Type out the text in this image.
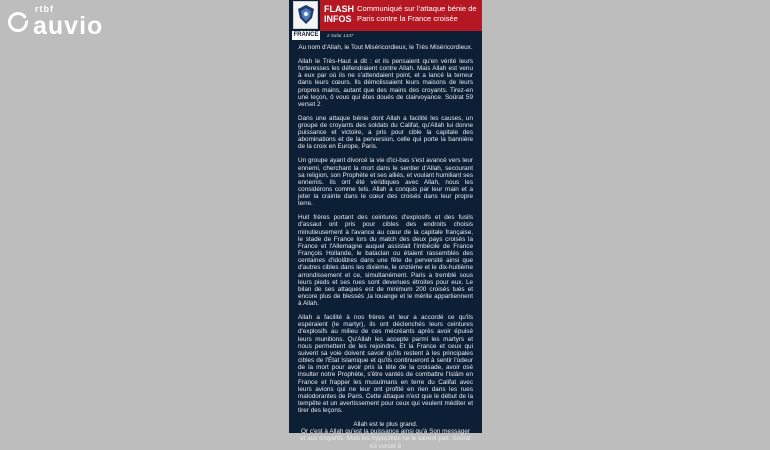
rtbf
auvio	FRANCE
FLASH
INFOS
Communiqué sur l'attaque bénie de Paris contre la France croisée
2 Safar 1437

Au nom d'Allah, le Tout Miséricordieux, le Très Miséricordieux.

Allah le Très-Haut a dit : et ils pensaient qu'en vérité leurs forteresses les défendraient contre Allah. Mais Allah est venu à eux par où ils ne s'attendaient point, et a lancé la terreur dans leurs cœurs. Ils démolissaient leurs maisons de leurs propres mains, autant que des mains des croyants. Tirez-en une leçon, ô vous qui êtes doués de clairvoyance. Soûrat 59 verset 2

Dans une attaque bénie dont Allah a facilité les causes, un groupe de croyants des soldats du Califat, qu'Allah lui donne puissance et victoire, a pris pour cible la capitale des abominations et de la perversion, celle qui porte la bannière de la croix en Europe, Paris.

Un groupe ayant divorcé la vie d'ici-bas s'est avancé vers leur ennemi, cherchant la mort dans le sentier d'Allah, secourant sa religion, son Prophète et ses alliés, et voulant humiliant ses ennemis. Ils ont été véridiques avec Allah, nous les considérons comme tels. Allah a conquis par leur main et a jeter la crainte dans le cœur des croisés dans leur propre terre.

Huit frères portant des ceintures d'explosifs et des fusils d'assaut ont pris pour cibles des endroits choisis minutieusement à l'avance au cœur de la capitale française, le stade de France lors du match des deux pays croisés la France et l'Allemagne auquel assistait l'imbécile de France François Hollande, le bataclan ou étaient rassemblés des centaines d'idolâtres dans une fête de perversité ainsi que d'autres cibles dans les dixième, le onzième et le dix-huitième arrondissement et ce, simultanément. Paris a tremblé sous leurs pieds et ses rues sont devenues étroites pour eux. Le bilan de ses attaques est de minimum 200 croisés tués et encore plus de blessés ,la louange et le mérite appartiennent à Allah.

Allah a facilité à nos frères et leur a accordé ce qu'ils espéraient (le martyr), ils ont déclenchés leurs ceintures d'explosifs au milieu de ces mécréants après avoir épuisé leurs munitions. Qu'Allah les accepte parmi les martyrs et nous permettent de les rejoindre. Et la France et ceux qui suivent sa voie doivent savoir qu'ils restent à les principales cibles de l'État Islamique et qu'ils continueront à sentir l'odeur de la mort pour avoir pris la tête de la croisade, avoir osé insulter notre Prophète, s'être vantés de combattre l'Islâm en France et frapper les musulmans en terre du Califat avec leurs avions qui ne leur ont profité en rien dans les rues malodorantes de Paris. Cette attaque n'est que le début de la tempête et un avertissement pour ceux qui veulent méditer et tirer des leçons.

Allah est le plus grand.
Or c'est à Allah qu'est la puissance ainsi qu'à Son messager et aux croyants. Mais les hypocrites ne le savent pas. Soûrat 63 verset 8
